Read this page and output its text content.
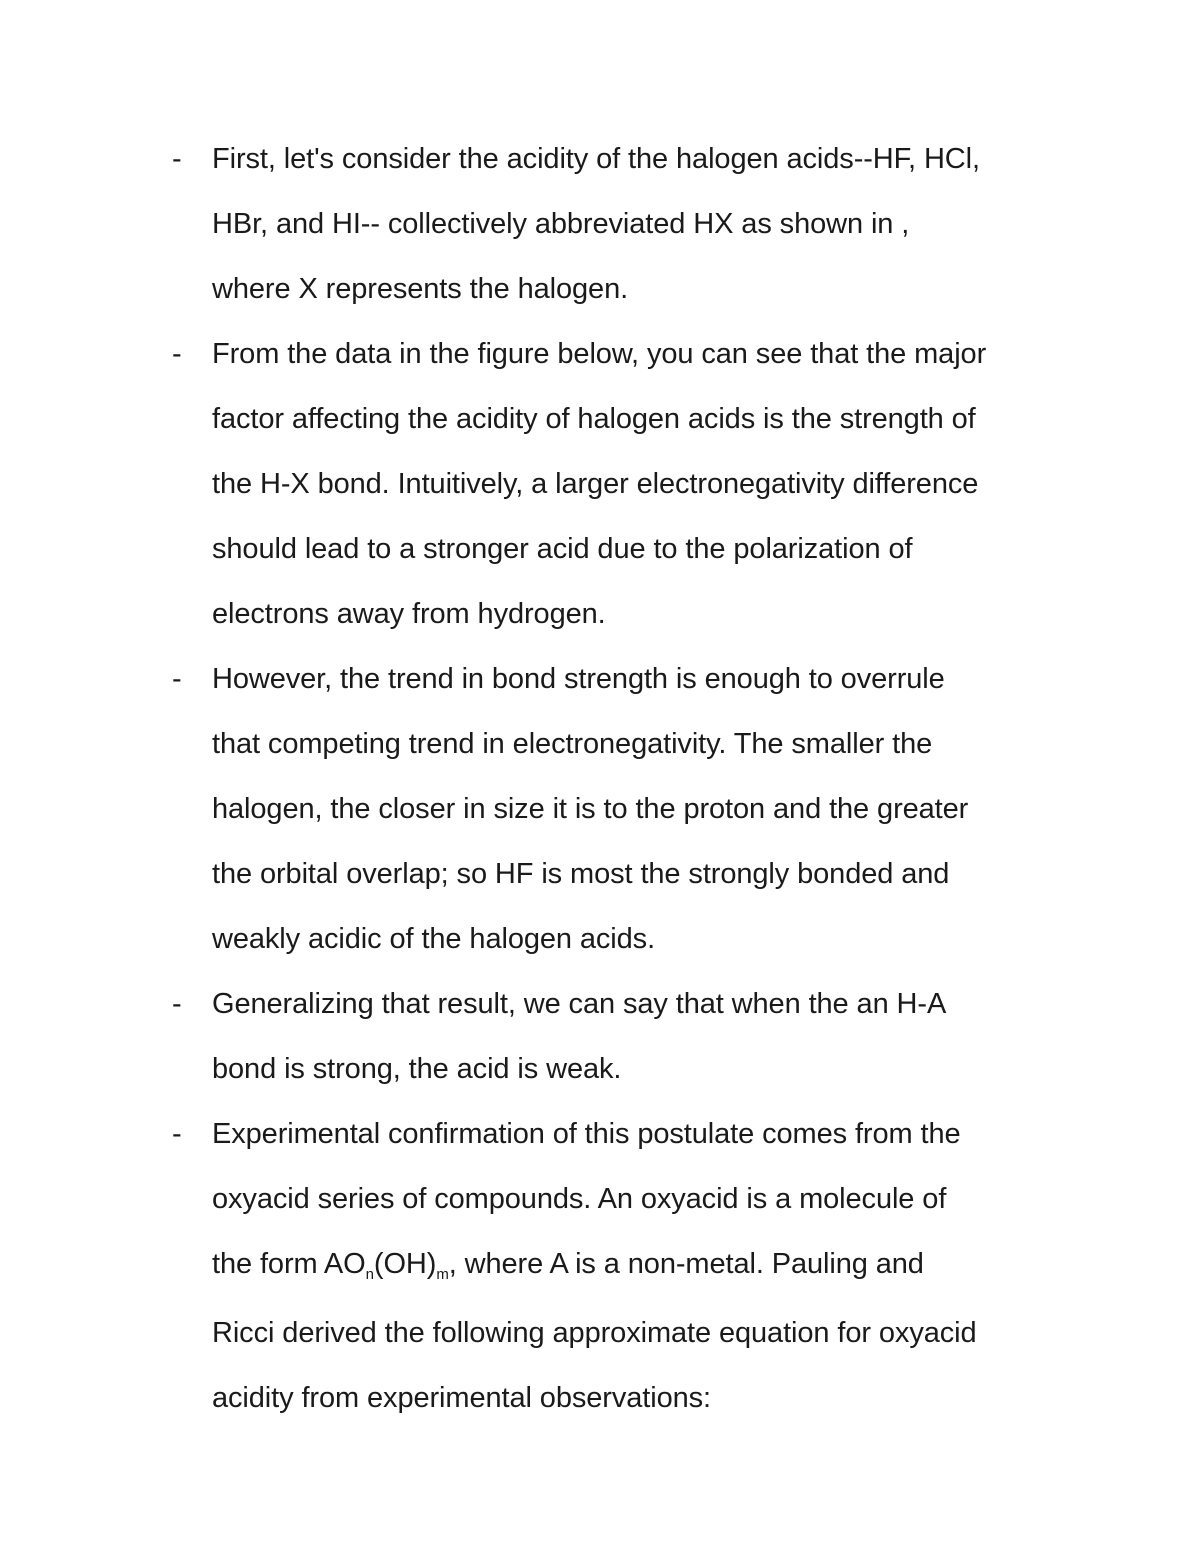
-	First, let's consider the acidity of the halogen acids--HF, HCl,
HBr, and HI-- collectively abbreviated HX as shown in ,
where X represents the halogen.
-	From the data in the figure below, you can see that the major
factor affecting the acidity of halogen acids is the strength of
the H-X bond. Intuitively, a larger electronegativity difference
should lead to a stronger acid due to the polarization of
electrons away from hydrogen.
-	However, the trend in bond strength is enough to overrule
that competing trend in electronegativity. The smaller the
halogen, the closer in size it is to the proton and the greater
the orbital overlap; so HF is most the strongly bonded and
weakly acidic of the halogen acids.
-	Generalizing that result, we can say that when the an H-A
bond is strong, the acid is weak.
-	Experimental confirmation of this postulate comes from the
oxyacid series of compounds. An oxyacid is a molecule of
the form $AO_n(OH)_m$, where A is a non-metal. Pauling and
Ricci derived the following approximate equation for oxyacid
acidity from experimental observations:
